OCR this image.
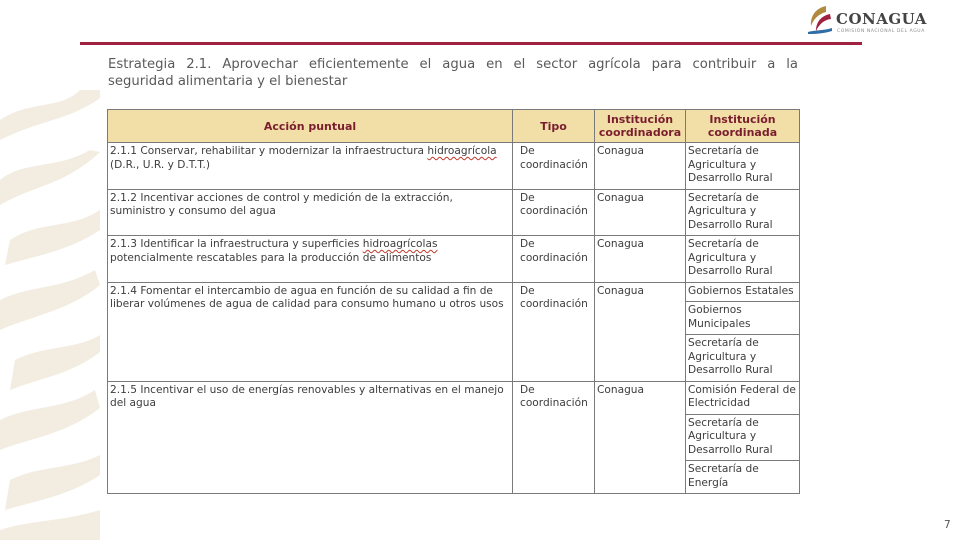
CONAGUA
COMISIÓN NACIONAL DEL AGUA
Estrategia 2.1. Aprovechar eficientemente el agua en el sector agrícola para contribuir a la
seguridad alimentaria y el bienestar
Acción puntual	Tipo	Institución coordinadora	Institución coordinada
2.1.1 Conservar, rehabilitar y modernizar la infraestructura hidroagrícola (D.R., U.R. y D.T.T.)	De coordinación	Conagua	Secretaría de Agricultura y Desarrollo Rural

2.1.2 Incentivar acciones de control y medición de la extracción, suministro y consumo del agua	De coordinación	Conagua	Secretaría de Agricultura y Desarrollo Rural

2.1.3 Identificar la infraestructura y superficies hidroagrícolas potencialmente rescatables para la producción de alimentos	De coordinación	Conagua	Secretaría de Agricultura y Desarrollo Rural

2.1.4 Fomentar el intercambio de agua en función de su calidad a fin de liberar volúmenes de agua de calidad para consumo humano u otros usos	De coordinación	Conagua	Gobiernos Estatales
Gobiernos Municipales
Secretaría de Agricultura y Desarrollo Rural

2.1.5 Incentivar el uso de energías renovables y alternativas en el manejo del agua	De coordinación	Conagua	Comisión Federal de Electricidad
Secretaría de Agricultura y Desarrollo Rural
Secretaría de Energía
7
